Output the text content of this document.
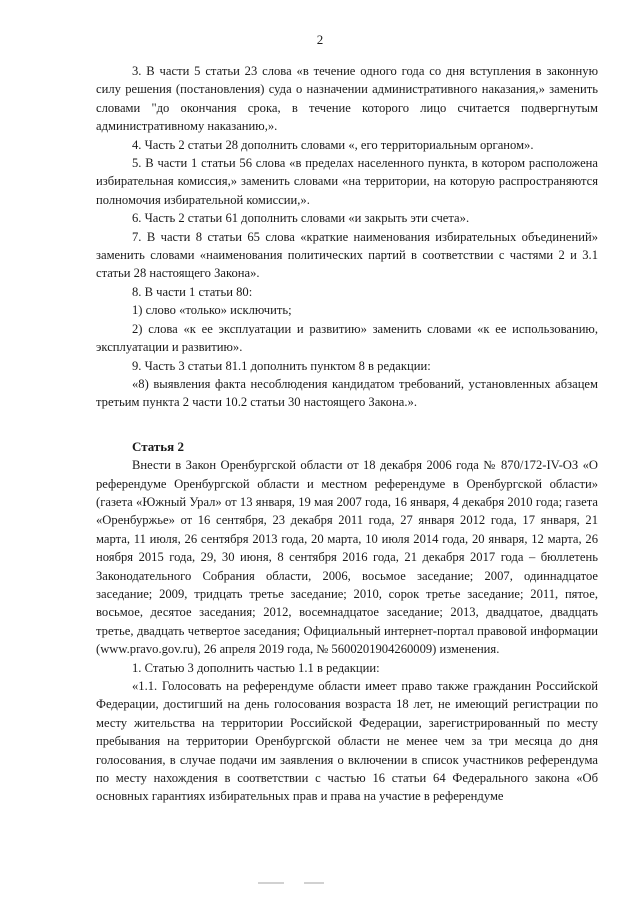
2

3. В части 5 статьи 23 слова «в течение одного года со дня вступления в законную силу решения (постановления) суда о назначении административного наказания,» заменить словами "до окончания срока, в течение которого лицо считается подвергнутым административному наказанию,».

4. Часть 2 статьи 28 дополнить словами «, его территориальным органом».

5. В части 1 статьи 56 слова «в пределах населенного пункта, в котором расположена избирательная комиссия,» заменить словами «на территории, на которую распространяются полномочия избирательной комиссии,».

6. Часть 2 статьи 61 дополнить словами «и закрыть эти счета».

7. В части 8 статьи 65 слова «краткие наименования избирательных объединений» заменить словами «наименования политических партий в соответствии с частями 2 и 3.1 статьи 28 настоящего Закона».

8. В части 1 статьи 80:

1) слово «только» исключить;

2) слова «к ее эксплуатации и развитию» заменить словами «к ее использованию, эксплуатации и развитию».

9. Часть 3 статьи 81.1 дополнить пунктом 8 в редакции:

«8) выявления факта несоблюдения кандидатом требований, установленных абзацем третьим пункта 2 части 10.2 статьи 30 настоящего Закона.».

Статья 2

Внести в Закон Оренбургской области от 18 декабря 2006 года № 870/172-IV-ОЗ «О референдуме Оренбургской области и местном референдуме в Оренбургской области» (газета «Южный Урал» от 13 января, 19 мая 2007 года, 16 января, 4 декабря 2010 года; газета «Оренбуржье» от 16 сентября, 23 декабря 2011 года, 27 января 2012 года, 17 января, 21 марта, 11 июля, 26 сентября 2013 года, 20 марта, 10 июля 2014 года, 20 января, 12 марта, 26 ноября 2015 года, 29, 30 июня, 8 сентября 2016 года, 21 декабря 2017 года – бюллетень Законодательного Собрания области, 2006, восьмое заседание; 2007, одиннадцатое заседание; 2009, тридцать третье заседание; 2010, сорок третье заседание; 2011, пятое, восьмое, десятое заседания; 2012, восемнадцатое заседание; 2013, двадцатое, двадцать третье, двадцать четвертое заседания; Официальный интернет-портал правовой информации (www.pravo.gov.ru), 26 апреля 2019 года, № 5600201904260009) изменения.

1. Статью 3 дополнить частью 1.1 в редакции:

«1.1. Голосовать на референдуме области имеет право также гражданин Российской Федерации, достигший на день голосования возраста 18 лет, не имеющий регистрации по месту жительства на территории Российской Федерации, зарегистрированный по месту пребывания на территории Оренбургской области не менее чем за три месяца до дня голосования, в случае подачи им заявления о включении в список участников референдума по месту нахождения в соответствии с частью 16 статьи 64 Федерального закона «Об основных гарантиях избирательных прав и права на участие в референдуме
